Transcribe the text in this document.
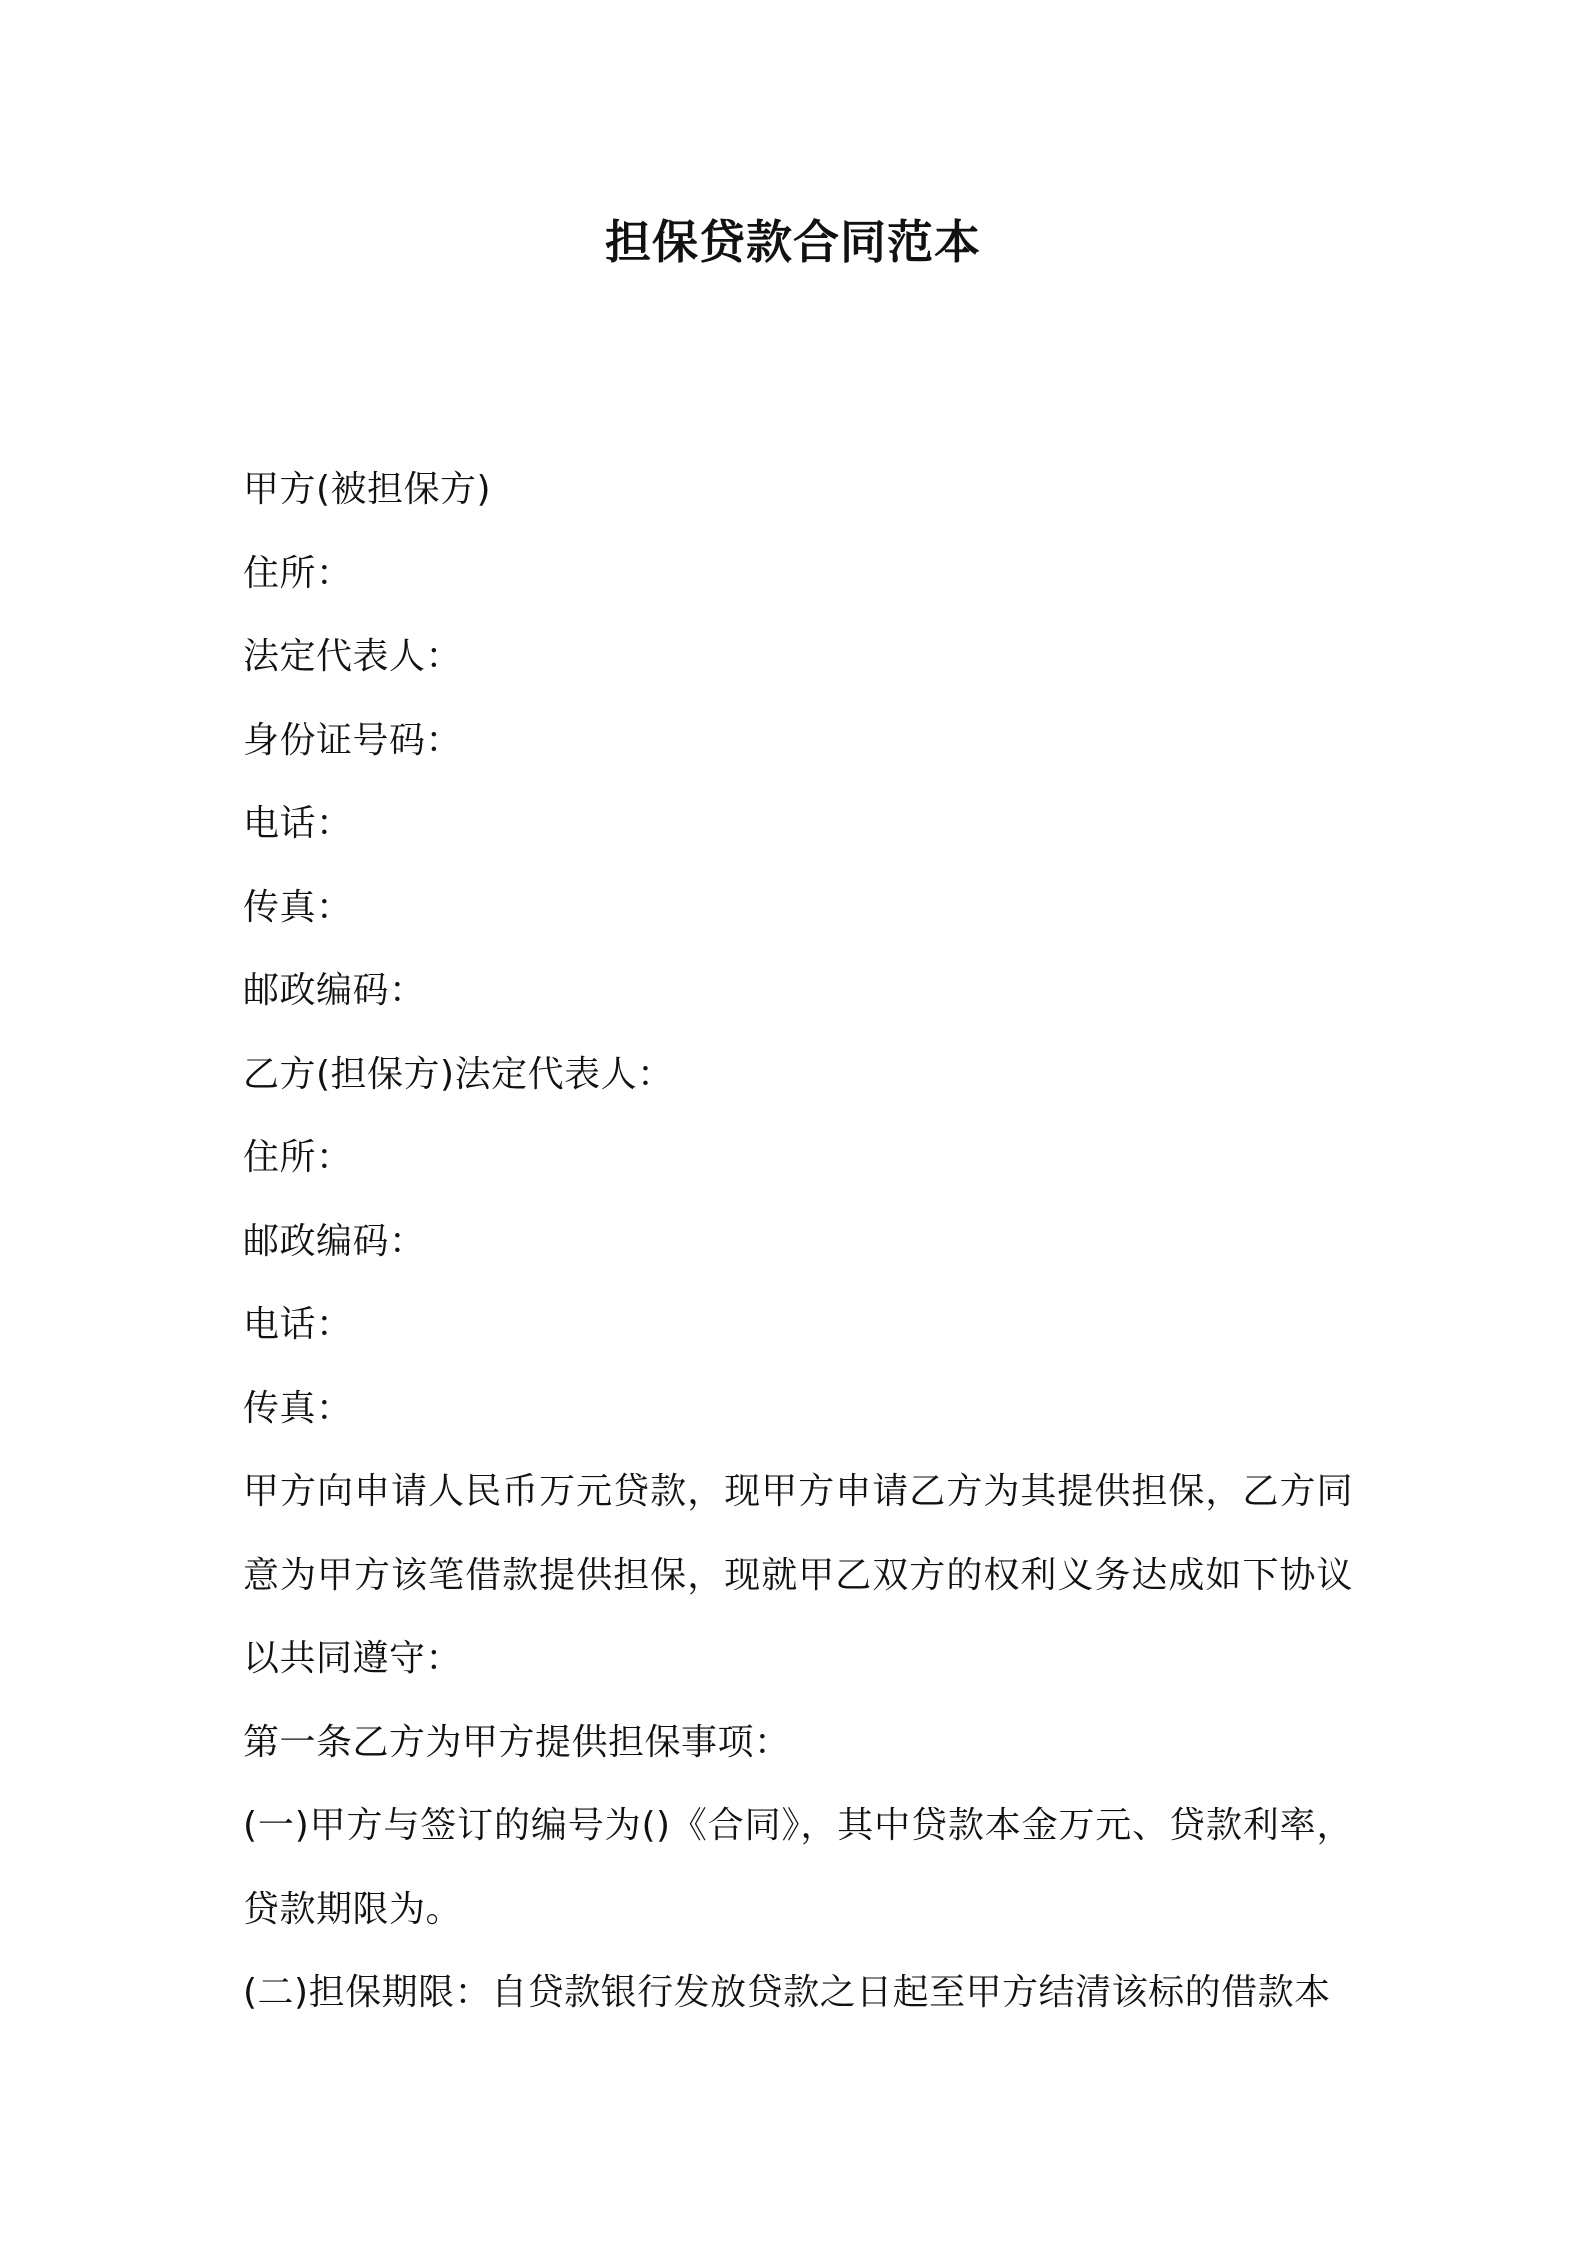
担保贷款合同范本
甲方(被担保方)
住所：
法定代表人：
身份证号码：
电话：
传真：
邮政编码：
乙方(担保方)法定代表人：
住所：
邮政编码：
电话：
传真：
甲方向申请人民币万元贷款，现甲方申请乙方为其提供担保，乙方同意为甲方该笔借款提供担保，现就甲乙双方的权利义务达成如下协议以共同遵守：
第一条乙方为甲方提供担保事项：
(一)甲方与签订的编号为()《合同》，其中贷款本金万元、贷款利率，贷款期限为。
(二)担保期限：自贷款银行发放贷款之日起至甲方结清该标的借款本
